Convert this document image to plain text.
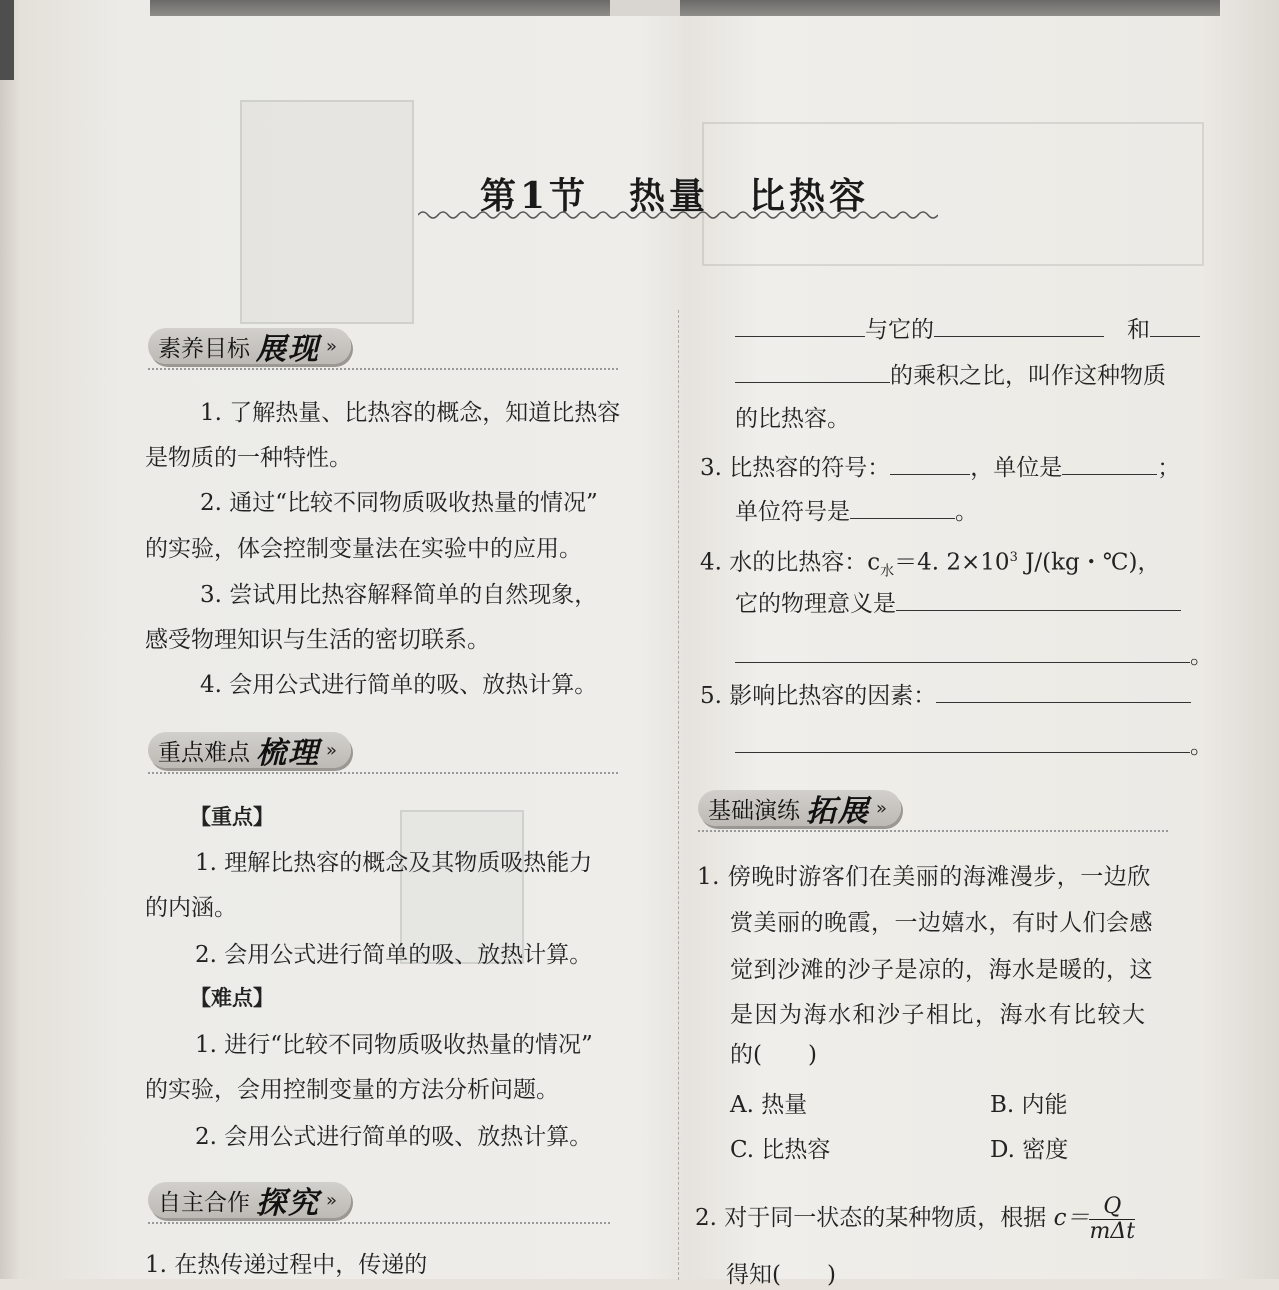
第1节　热量　比热容
素养目标 展现 »
1. 了解热量、比热容的概念，知道比热容
是物质的一种特性。
2. 通过“比较不同物质吸收热量的情况”
的实验，体会控制变量法在实验中的应用。
3. 尝试用比热容解释简单的自然现象，
感受物理知识与生活的密切联系。
4. 会用公式进行简单的吸、放热计算。
重点难点 梳理 »
【重点】
1. 理解比热容的概念及其物质吸热能力
的内涵。
2. 会用公式进行简单的吸、放热计算。
【难点】
1. 进行“比较不同物质吸收热量的情况”
的实验，会用控制变量的方法分析问题。
2. 会用公式进行简单的吸、放热计算。
自主合作 探究 »
1. 在热传递过程中，传递的
与它的　	和
的乘积之比，叫作这种物质
的比热容。
3. 比热容的符号：	，单位是	；
单位符号是	。
4. 水的比热容：$c_水=4$. $2\times 10^3$ J/(kg・℃)，
它的物理意义是
。
5. 影响比热容的因素：
。
基础演练 拓展 »
1. 傍晚时游客们在美丽的海滩漫步，一边欣
赏美丽的晚霞，一边嬉水，有时人们会感
觉到沙滩的沙子是凉的，海水是暖的，这
是因为海水和沙子相比，海水有比较大
的(　　)
A. 热量	B. 内能
C. 比热容	D. 密度
2. 对于同一状态的某种物质，根据 $c= \frac{Q}{\text{mΔt}}$
得知(　　)
